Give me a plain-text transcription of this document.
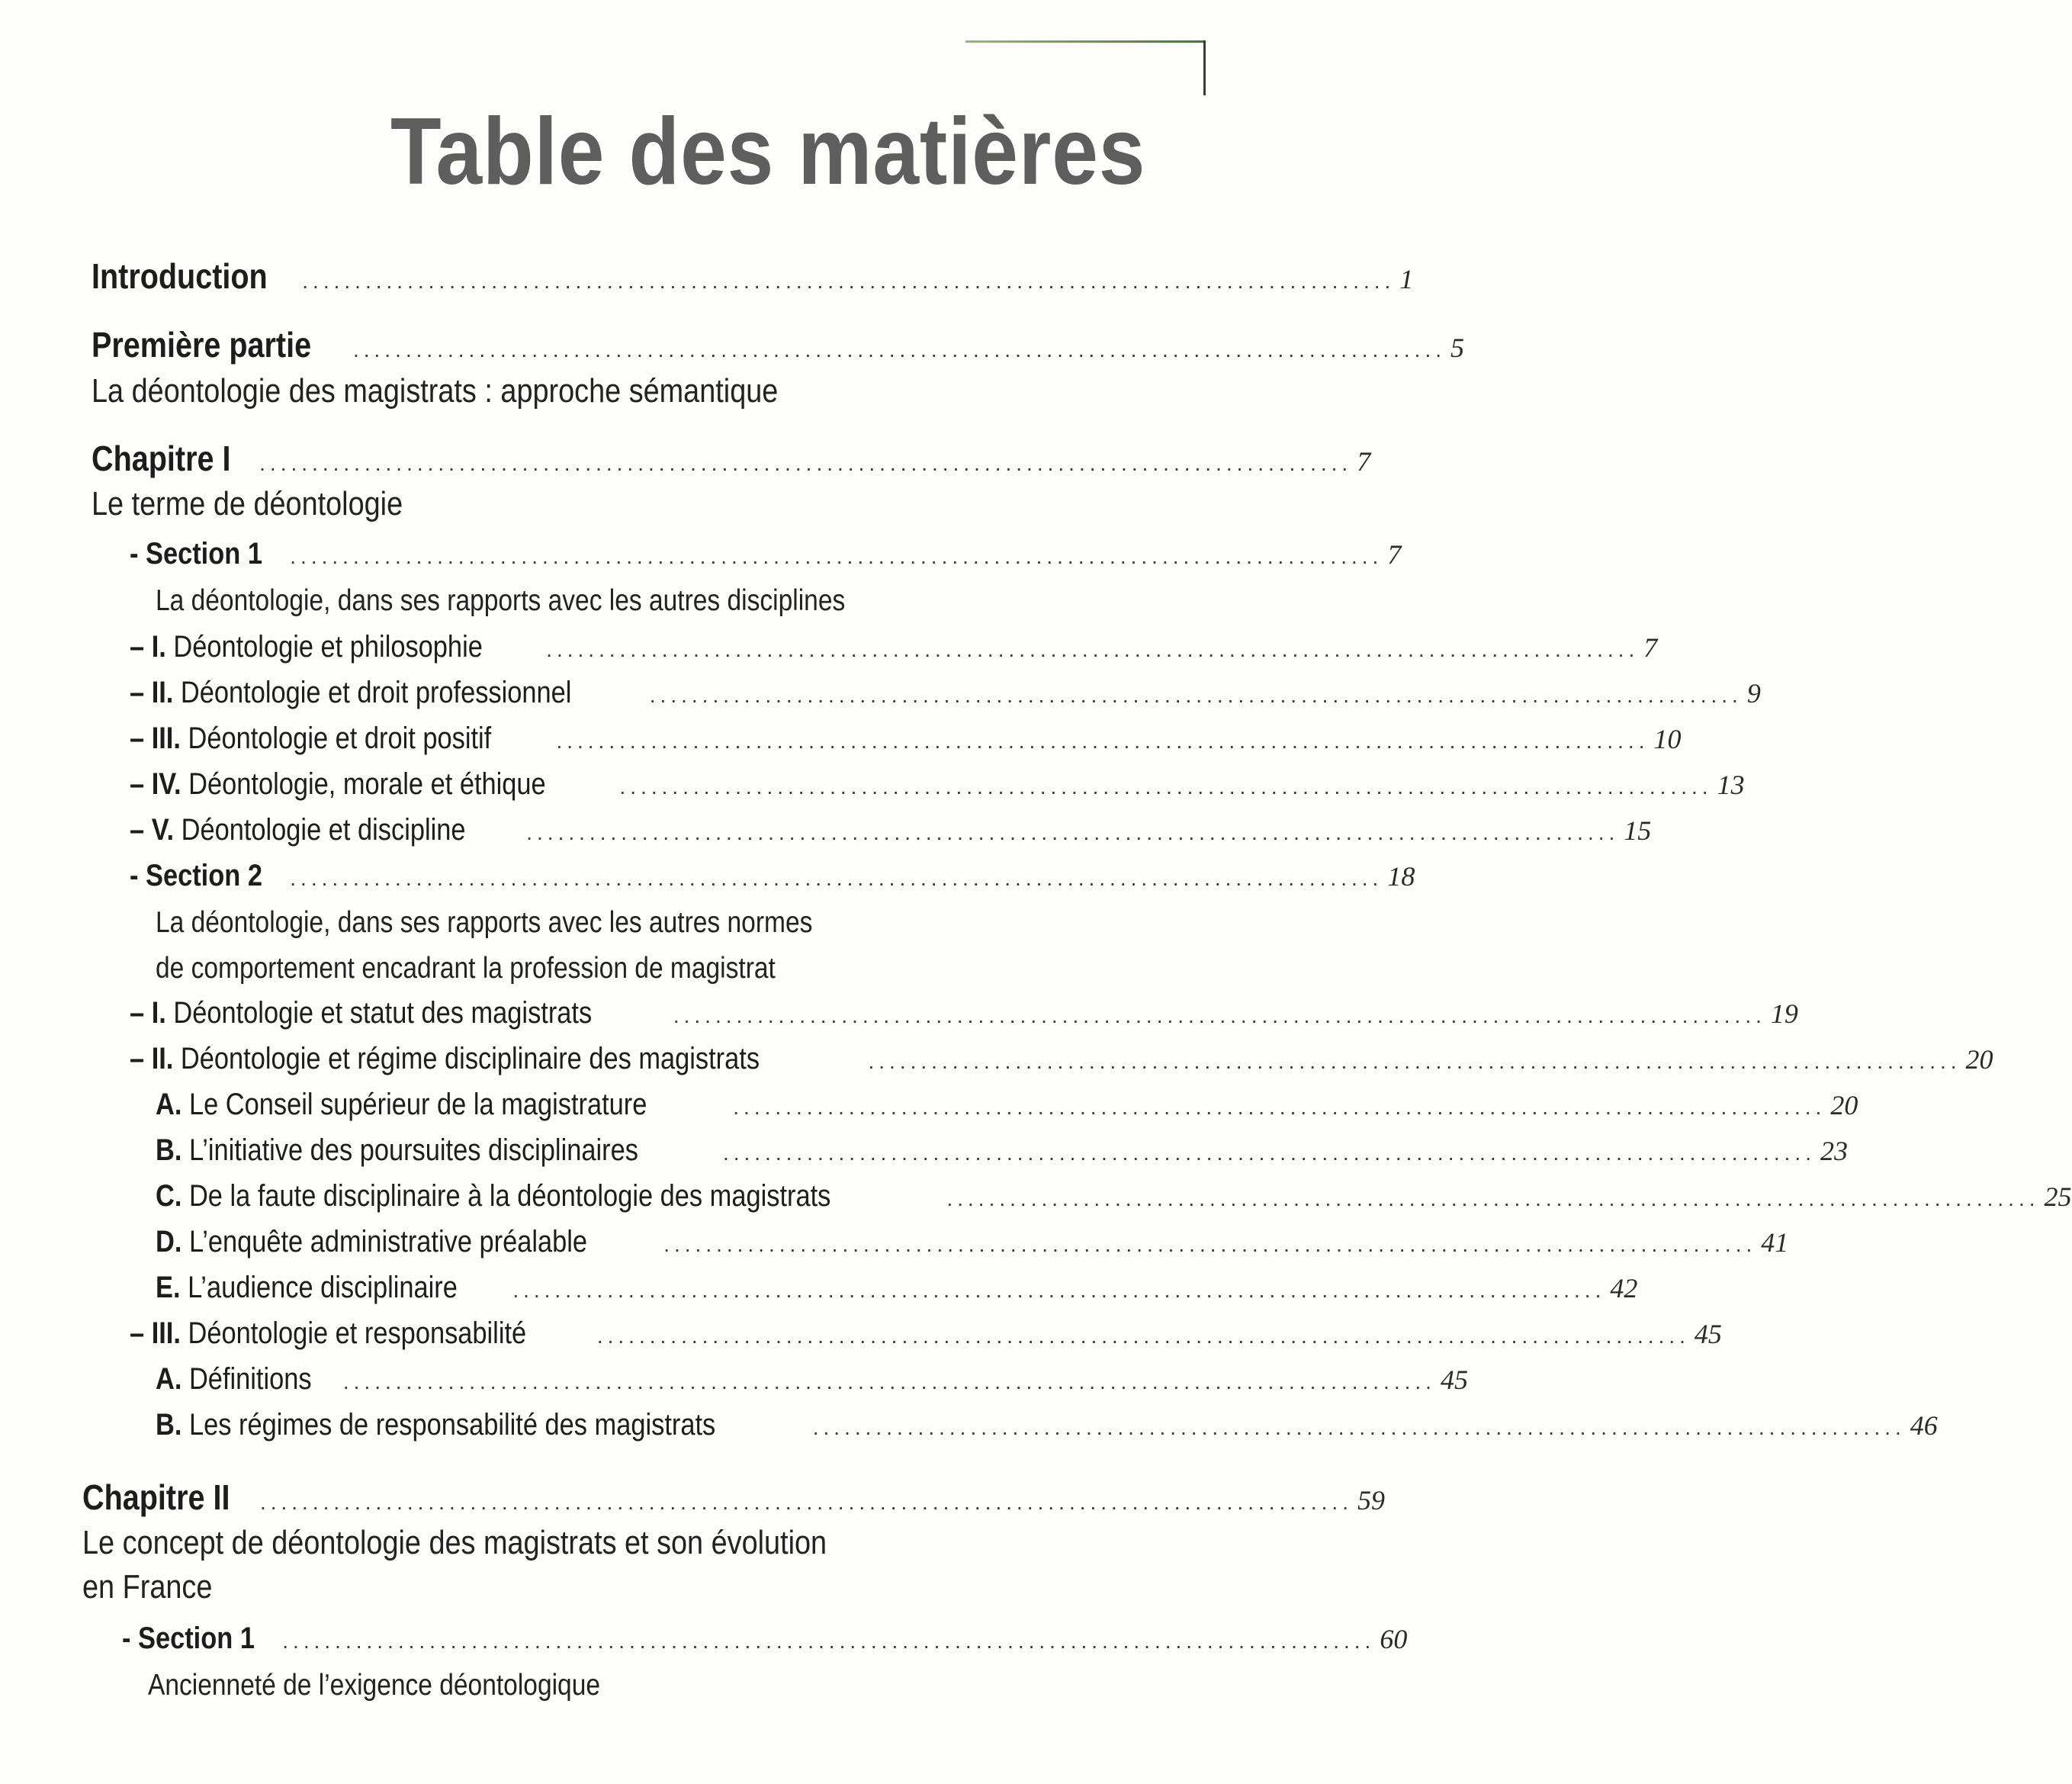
Table des matières
Introduction	........................................................................................................ 1
Première partie	........................................................................................................ 5
La déontologie des magistrats : approche sémantique
Chapitre I	........................................................................................................ 7
Le terme de déontologie
- Section 1	........................................................................................................ 7
La déontologie, dans ses rapports avec les autres disciplines
– I. Déontologie et philosophie	........................................................................................................ 7
– II. Déontologie et droit professionnel	........................................................................................................ 9
– III. Déontologie et droit positif	........................................................................................................ 10
– IV. Déontologie, morale et éthique	........................................................................................................ 13
– V. Déontologie et discipline	........................................................................................................ 15
- Section 2	........................................................................................................ 18
La déontologie, dans ses rapports avec les autres normes
de comportement encadrant la profession de magistrat
– I. Déontologie et statut des magistrats	........................................................................................................ 19
– II. Déontologie et régime disciplinaire des magistrats	........................................................................................................ 20
A. Le Conseil supérieur de la magistrature	........................................................................................................ 20
B. L’initiative des poursuites disciplinaires	........................................................................................................ 23
C. De la faute disciplinaire à la déontologie des magistrats	........................................................................................................ 25
D. L’enquête administrative préalable	........................................................................................................ 41
E. L’audience disciplinaire	........................................................................................................ 42
– III. Déontologie et responsabilité	........................................................................................................ 45
A. Définitions	........................................................................................................ 45
B. Les régimes de responsabilité des magistrats	........................................................................................................ 46
Chapitre II	........................................................................................................ 59
Le concept de déontologie des magistrats et son évolution
en France
- Section 1	........................................................................................................ 60
Ancienneté de l’exigence déontologique
